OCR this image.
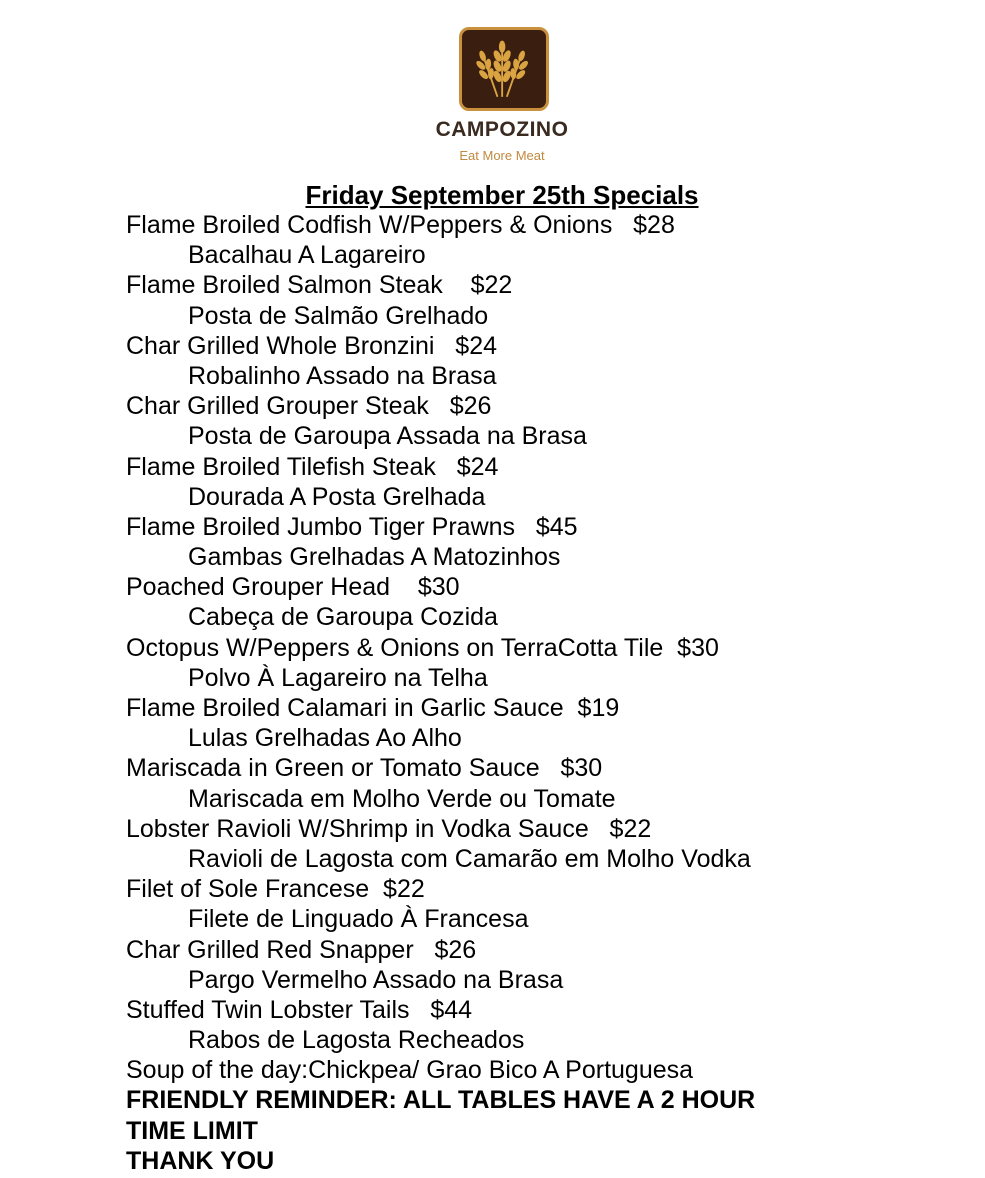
CAMPOZINO
Eat More Meat
Friday September 25th Specials
Flame Broiled Codfish W/Peppers & Onions   $28
Bacalhau A Lagareiro
Flame Broiled Salmon Steak    $22
Posta de Salmão Grelhado
Char Grilled Whole Bronzini   $24
Robalinho Assado na Brasa
Char Grilled Grouper Steak   $26
Posta de Garoupa Assada na Brasa
Flame Broiled Tilefish Steak   $24
Dourada A Posta Grelhada
Flame Broiled Jumbo Tiger Prawns   $45
Gambas Grelhadas A Matozinhos
Poached Grouper Head    $30
Cabeça de Garoupa Cozida
Octopus W/Peppers & Onions on TerraCotta Tile  $30
Polvo À Lagareiro na Telha
Flame Broiled Calamari in Garlic Sauce  $19
Lulas Grelhadas Ao Alho
Mariscada in Green or Tomato Sauce   $30
Mariscada em Molho Verde ou Tomate
Lobster Ravioli W/Shrimp in Vodka Sauce   $22
Ravioli de Lagosta com Camarão em Molho Vodka
Filet of Sole Francese  $22
Filete de Linguado À Francesa
Char Grilled Red Snapper   $26
Pargo Vermelho Assado na Brasa
Stuffed Twin Lobster Tails   $44
Rabos de Lagosta Recheados
Soup of the day:Chickpea/ Grao Bico A Portuguesa
FRIENDLY REMINDER: ALL TABLES HAVE A 2 HOUR
TIME LIMIT
THANK YOU
